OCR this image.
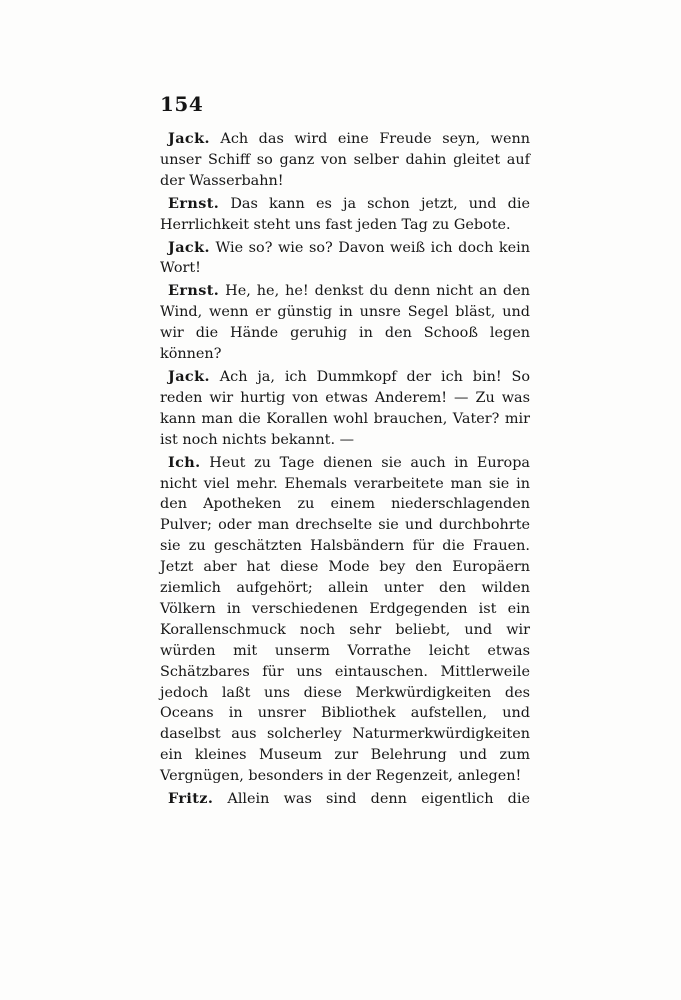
154

Jack. Ach das wird eine Freude seyn, wenn unser Schiff so ganz von selber dahin gleitet auf der Wasserbahn!

Ernst. Das kann es ja schon jetzt, und die Herrlichkeit steht uns fast jeden Tag zu Gebote.

Jack. Wie so? wie so? Davon weiß ich doch kein Wort!

Ernst. He, he, he! denkst du denn nicht an den Wind, wenn er günstig in unsre Segel bläst, und wir die Hände geruhig in den Schooß legen können?

Jack. Ach ja, ich Dummkopf der ich bin! So reden wir hurtig von etwas Anderem! — Zu was kann man die Korallen wohl brauchen, Vater? mir ist noch nichts bekannt. —

Ich. Heut zu Tage dienen sie auch in Europa nicht viel mehr. Ehemals verarbeitete man sie in den Apotheken zu einem niederschlagenden Pulver; oder man drechselte sie und durchbohrte sie zu geschätzten Halsbändern für die Frauen. Jetzt aber hat diese Mode bey den Europäern ziemlich aufgehört; allein unter den wilden Völkern in verschiedenen Erdgegenden ist ein Korallenschmuck noch sehr beliebt, und wir würden mit unserm Vorrathe leicht etwas Schätzbares für uns eintauschen. Mittlerweile jedoch laßt uns diese Merkwürdigkeiten des Oceans in unsrer Bibliothek aufstellen, und daselbst aus solcherley Naturmerkwürdigkeiten ein kleines Museum zur Belehrung und zum Vergnügen, besonders in der Regenzeit, anlegen!

Fritz. Allein was sind denn eigentlich die
